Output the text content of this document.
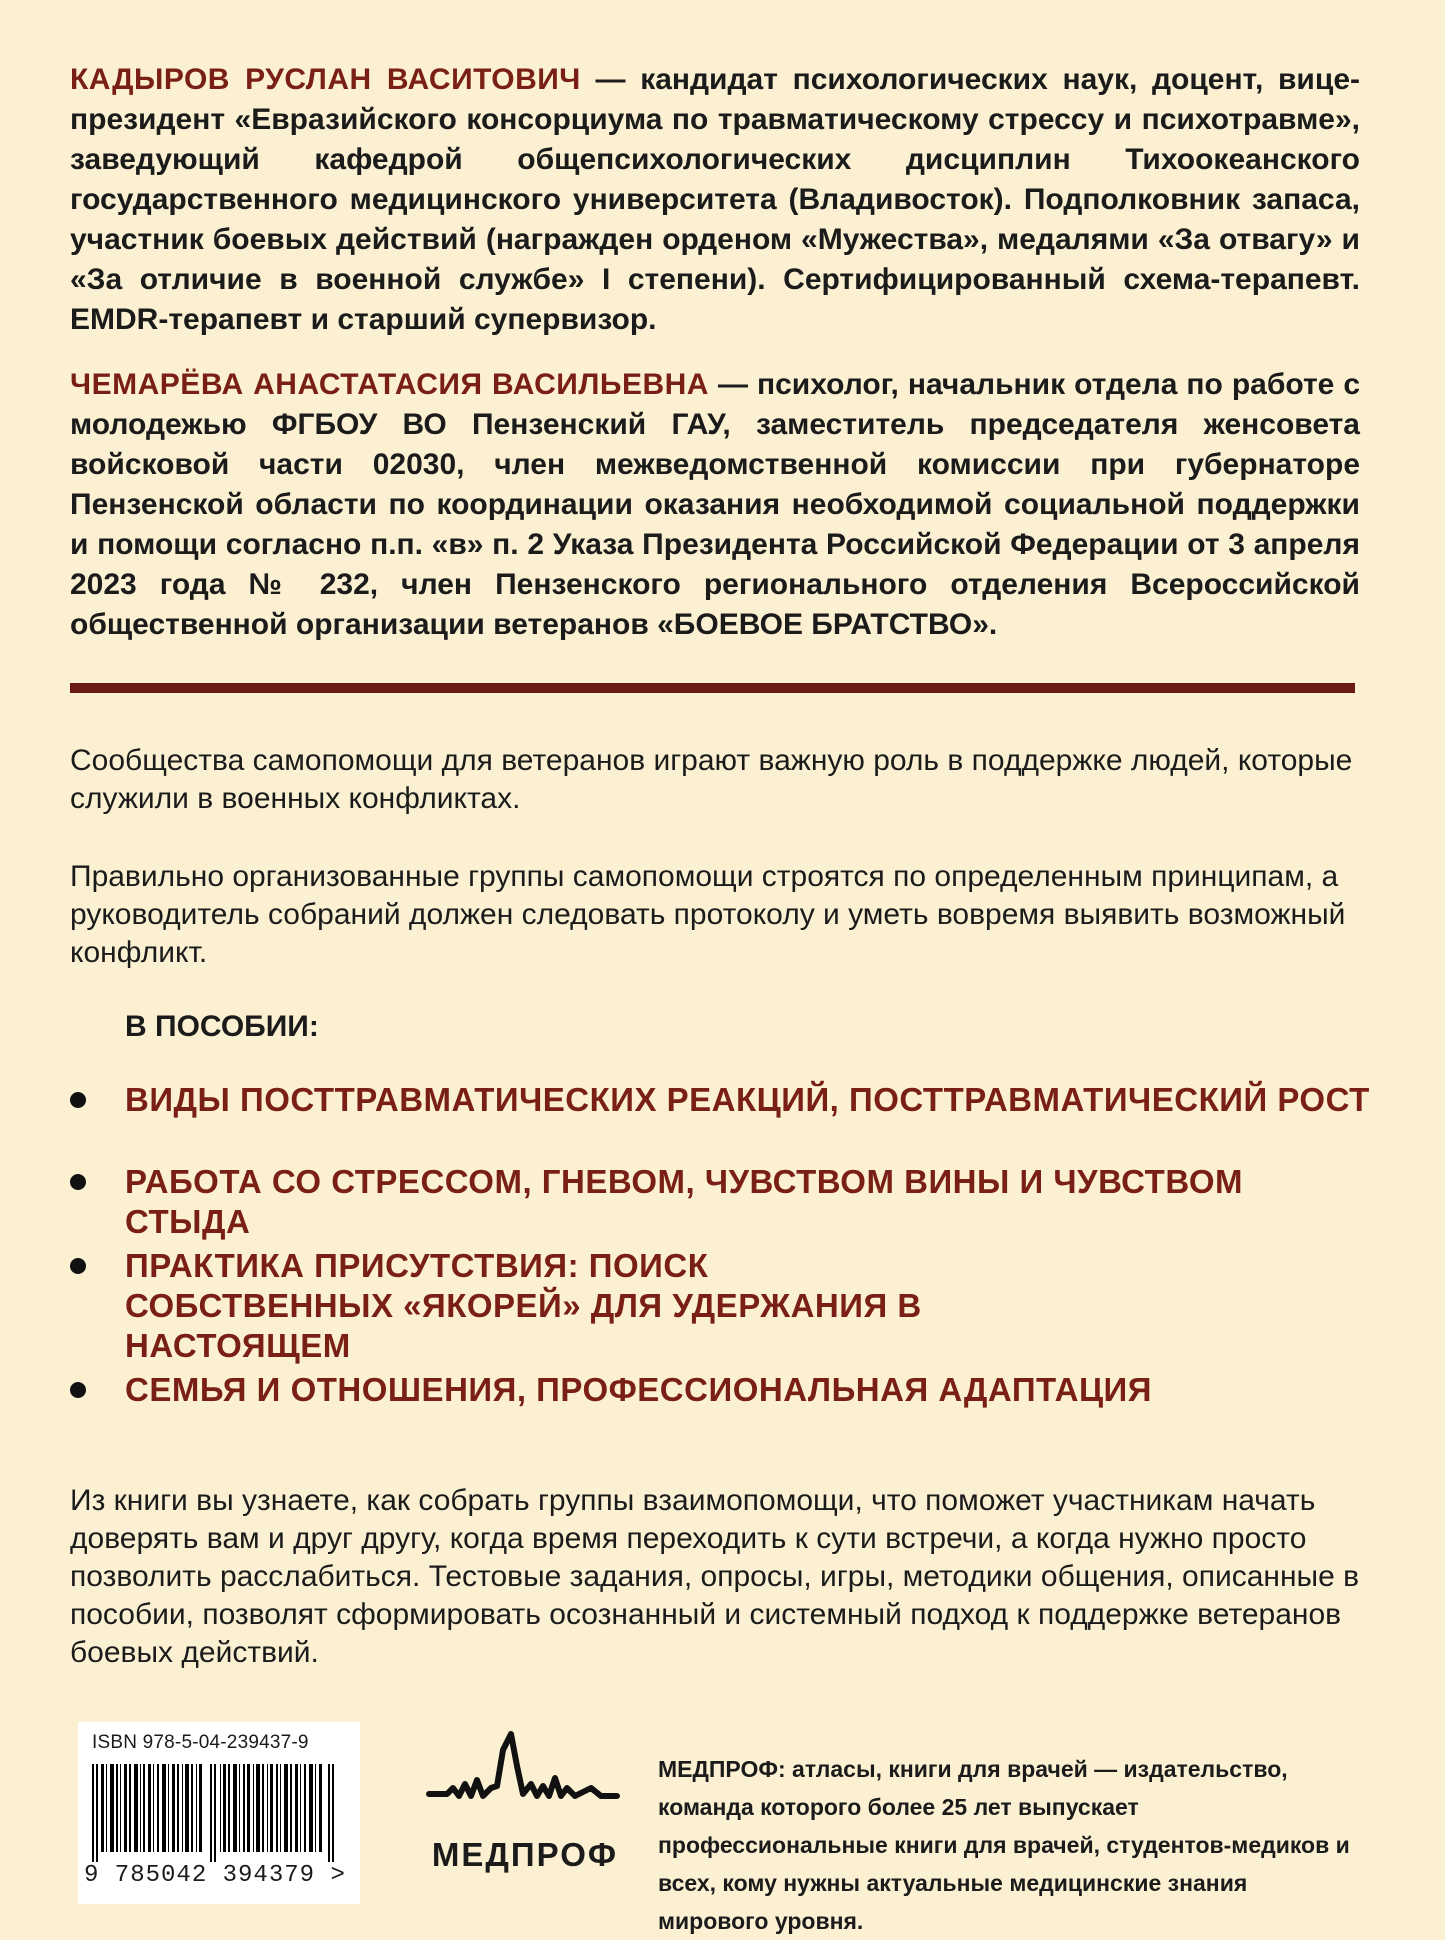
КАДЫРОВ РУСЛАН ВАСИТОВИЧ — кандидат психологических наук, доцент, вице-президент «Евразийского консорциума по травматическому стрессу и психотравме», заведующий кафедрой общепсихологических дисциплин Тихоокеанского государственного медицинского университета (Владивосток). Подполковник запаса, участник боевых действий (награжден орденом «Мужества», медалями «За отвагу» и «За отличие в военной службе» I степени). Сертифицированный схема-терапевт. EMDR-терапевт и старший супервизор.

ЧЕМАРЁВА АНАСТАТАСИЯ ВАСИЛЬЕВНА — психолог, начальник отдела по работе с молодежью ФГБОУ ВО Пензенский ГАУ, заместитель председателя женсовета войсковой части 02030, член межведомственной комиссии при губернаторе Пензенской области по координации оказания необходимой социальной поддержки и помощи согласно п.п. «в» п. 2 Указа Президента Российской Федерации от 3 апреля 2023 года № 232, член Пензенского регионального отделения Всероссийской общественной организации ветеранов «БОЕВОЕ БРАТСТВО».

Сообщества самопомощи для ветеранов играют важную роль в поддержке людей, которые служили в военных конфликтах.

Правильно организованные группы самопомощи строятся по определенным принципам, а руководитель собраний должен следовать протоколу и уметь вовремя выявить возможный конфликт.

В ПОСОБИИ:

ВИДЫ ПОСТТРАВМАТИЧЕСКИХ РЕАКЦИЙ, ПОСТТРАВМАТИЧЕСКИЙ РОСТ
РАБОТА СО СТРЕССОМ, ГНЕВОМ, ЧУВСТВОМ ВИНЫ И ЧУВСТВОМ СТЫДА
ПРАКТИКА ПРИСУТСТВИЯ: ПОИСК СОБСТВЕННЫХ «ЯКОРЕЙ» ДЛЯ УДЕРЖАНИЯ В НАСТОЯЩЕМ
СЕМЬЯ И ОТНОШЕНИЯ, ПРОФЕССИОНАЛЬНАЯ АДАПТАЦИЯ

Из книги вы узнаете, как собрать группы взаимопомощи, что поможет участникам начать доверять вам и друг другу, когда время переходить к сути встречи, а когда нужно просто позволить расслабиться. Тестовые задания, опросы, игры, методики общения, описанные в пособии, позволят сформировать осознанный и системный подход к поддержке ветеранов боевых действий.

ISBN 978-5-04-239437-9
9 785042 394379 >
МЕДПРОФ

МЕДПРОФ: атласы, книги для врачей — издательство, команда которого более 25 лет выпускает профессиональные книги для врачей, студентов-медиков и всех, кому нужны актуальные медицинские знания мирового уровня.
